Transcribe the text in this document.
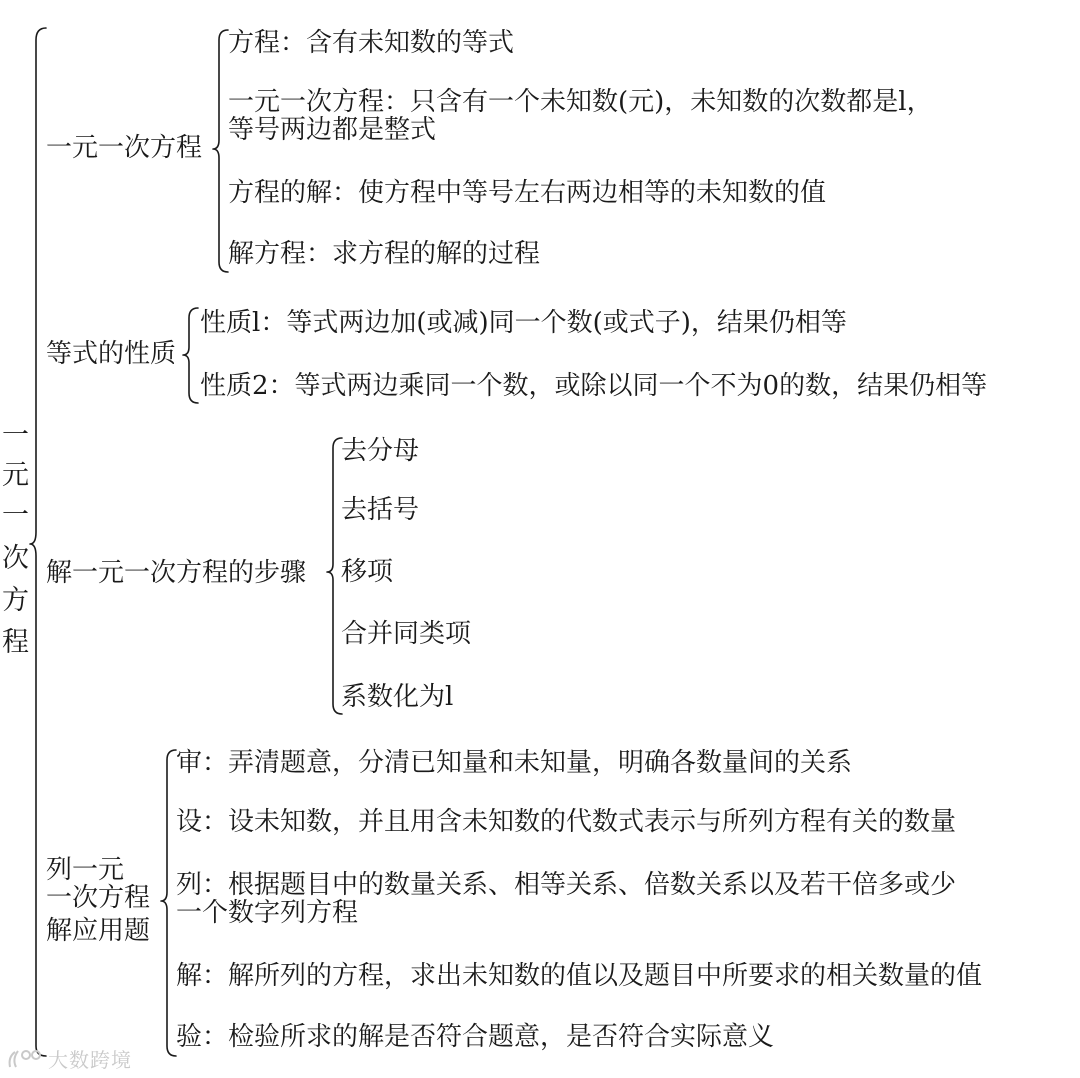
一
元
一
次
方
程
一元一次方程
方程：含有未知数的等式
一元一次方程：只含有一个未知数(元)，未知数的次数都是l，
等号两边都是整式
方程的解：使方程中等号左右两边相等的未知数的值
解方程：求方程的解的过程
等式的性质
性质l：等式两边加(或减)同一个数(或式子)，结果仍相等
性质2：等式两边乘同一个数，或除以同一个不为0的数，结果仍相等
解一元一次方程的步骤
去分母
去括号
移项
合并同类项
系数化为l
列一元
一次方程
解应用题
审：弄清题意，分清已知量和未知量，明确各数量间的关系
设：设未知数，并且用含未知数的代数式表示与所列方程有关的数量
列：根据题目中的数量关系、相等关系、倍数关系以及若干倍多或少
一个数字列方程
解：解所列的方程，求出未知数的值以及题目中所要求的相关数量的值
验：检验所求的解是否符合题意，是否符合实际意义
大数跨境
